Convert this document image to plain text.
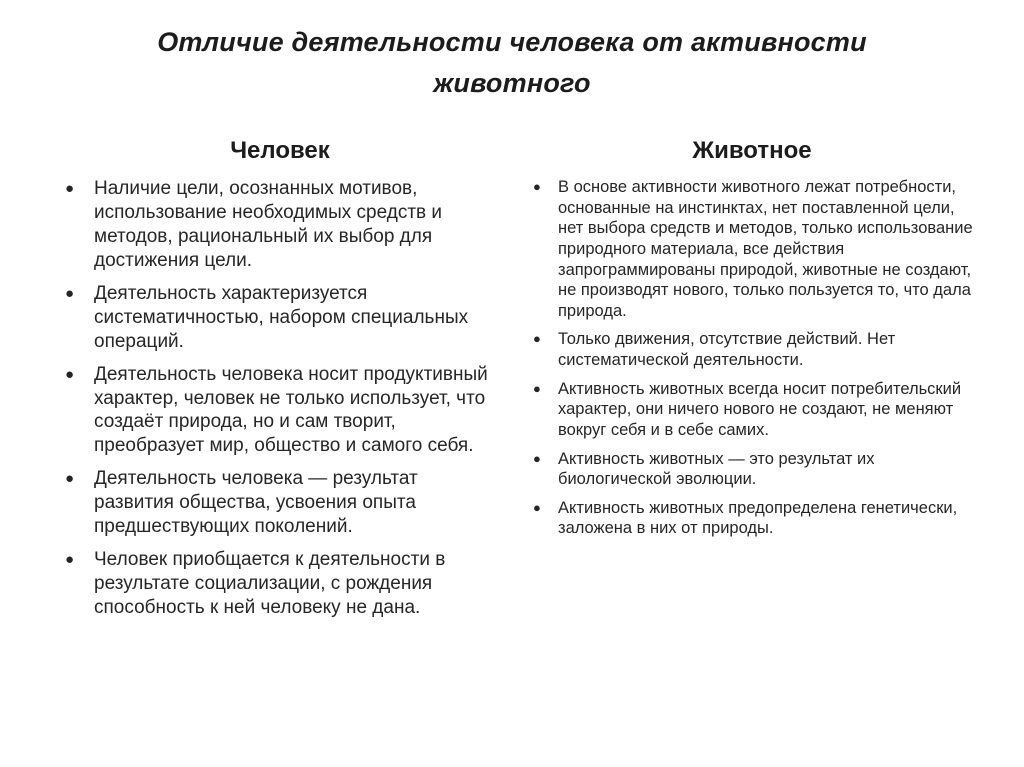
Отличие деятельности человека от активности
животного
Человек
●	Наличие цели, осознанных мотивов, использование необходимых средств и методов, рациональный их выбор для достижения цели.
●	Деятельность характеризуется систематичностью, набором специальных операций.
●	Деятельность человека носит продуктивный характер, человек не только использует, что создаёт природа, но и сам творит, преобразует мир, общество и самого себя.
●	Деятельность человека — результат развития общества, усвоения опыта предшествующих поколений.
●	Человек приобщается к деятельности в результате социализации, с рождения способность к ней человеку не дана.
Животное
●	В основе активности животного лежат потребности, основанные на инстинктах, нет поставленной цели, нет выбора средств и методов, только использование природного материала, все действия запрограммированы природой, животные не создают, не производят нового, только пользуется то, что дала природа.
●	Только движения, отсутствие действий. Нет систематической деятельности.
●	Активность животных всегда носит потребительский характер, они ничего нового не создают, не меняют вокруг себя и в себе самих.
●	Активность животных — это результат их биологической эволюции.
●	Активность животных предопределена генетически, заложена в них от природы.
